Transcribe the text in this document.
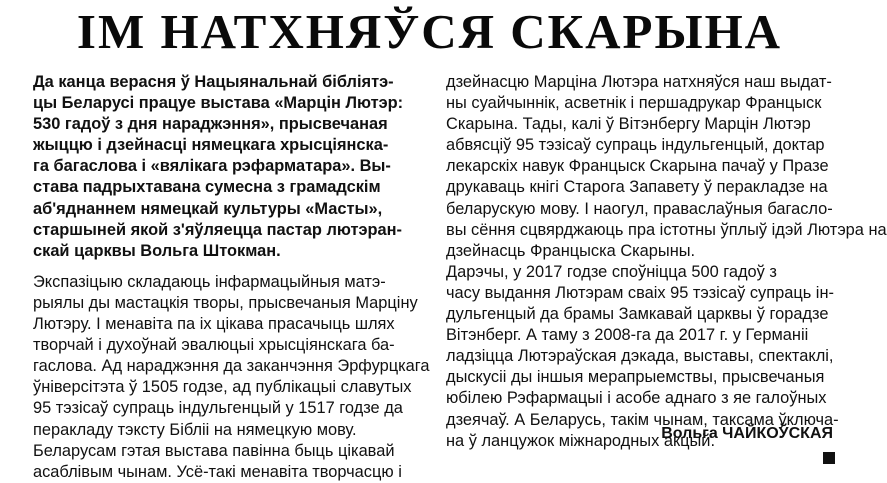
ІМ НАТХНЯЎСЯ СКАРЫНА
Да канца верасня ў Нацыянальнай бібліятэ-
цы Беларусі працуе выстава «Марцін Лютэр:
530 гадоў з дня нараджэння», прысвечаная
жыццю і дзейнасці нямецкага хрысціянска-
га багаслова і «вялікага рэфарматара». Вы-
става падрыхтавана сумесна з грамадскім
аб'яднаннем нямецкай культуры «Масты»,
старшыней якой з'яўляецца пастар лютэран-
скай царквы Вольга Штокман.
Экспазіцыю складаюць інфармацыйныя матэ-
рыялы ды мастацкія творы, прысвечаныя Марціну
Лютэру. І менавіта па іх цікава прасачыць шлях
творчай і духоўнай эвалюцыі хрысціянскага ба-
гаслова. Ад нараджэння да заканчэння Эрфурцкага
ўніверсітэта ў 1505 годзе, ад публікацыі славутых
95 тэзісаў супраць індульгенцый у 1517 годзе да
перакладу тэксту Бібліі на нямецкую мову.
Беларусам гэтая выстава павінна быць цікавай
асаблівым чынам. Усё-такі менавіта творчасцю і
дзейнасцю Марціна Лютэра натхняўся наш выдат-
ны суайчыннік, асветнік і першадрукар Францыск
Скарына. Тады, калі ў Вітэнбергу Марцін Лютэр
абвясціў 95 тэзісаў супраць індульгенцый, доктар
лекарскіх навук Францыск Скарына пачаў у Празе
друкаваць кнігі Старога Запавету ў перакладзе на
беларускую мову. І наогул, праваслаўныя багасло-
вы сёння сцвярджаюць пра істотны ўплыў ідэй Лютэра на
дзейнасць Францыска Скарыны.
Дарэчы, у 2017 годзе споўніцца 500 гадоў з
часу выдання Лютэрам сваіх 95 тэзісаў супраць ін-
дульгенцый да брамы Замкавай царквы ў горадзе
Вітэнберг. А таму з 2008-га да 2017 г. у Германіі
ладзіцца Лютэраўская дэкада, выставы, спектаклі,
дыскусіі ды іншыя мерапрыемствы, прысвечаныя
юбілею Рэфармацыі і асобе аднаго з яе галоўных
дзеячаў. А Беларусь, такім чынам, таксама ўключа-
на ў ланцужок міжнародных акцый.
Вольга ЧАЙКОЎСКАЯ
